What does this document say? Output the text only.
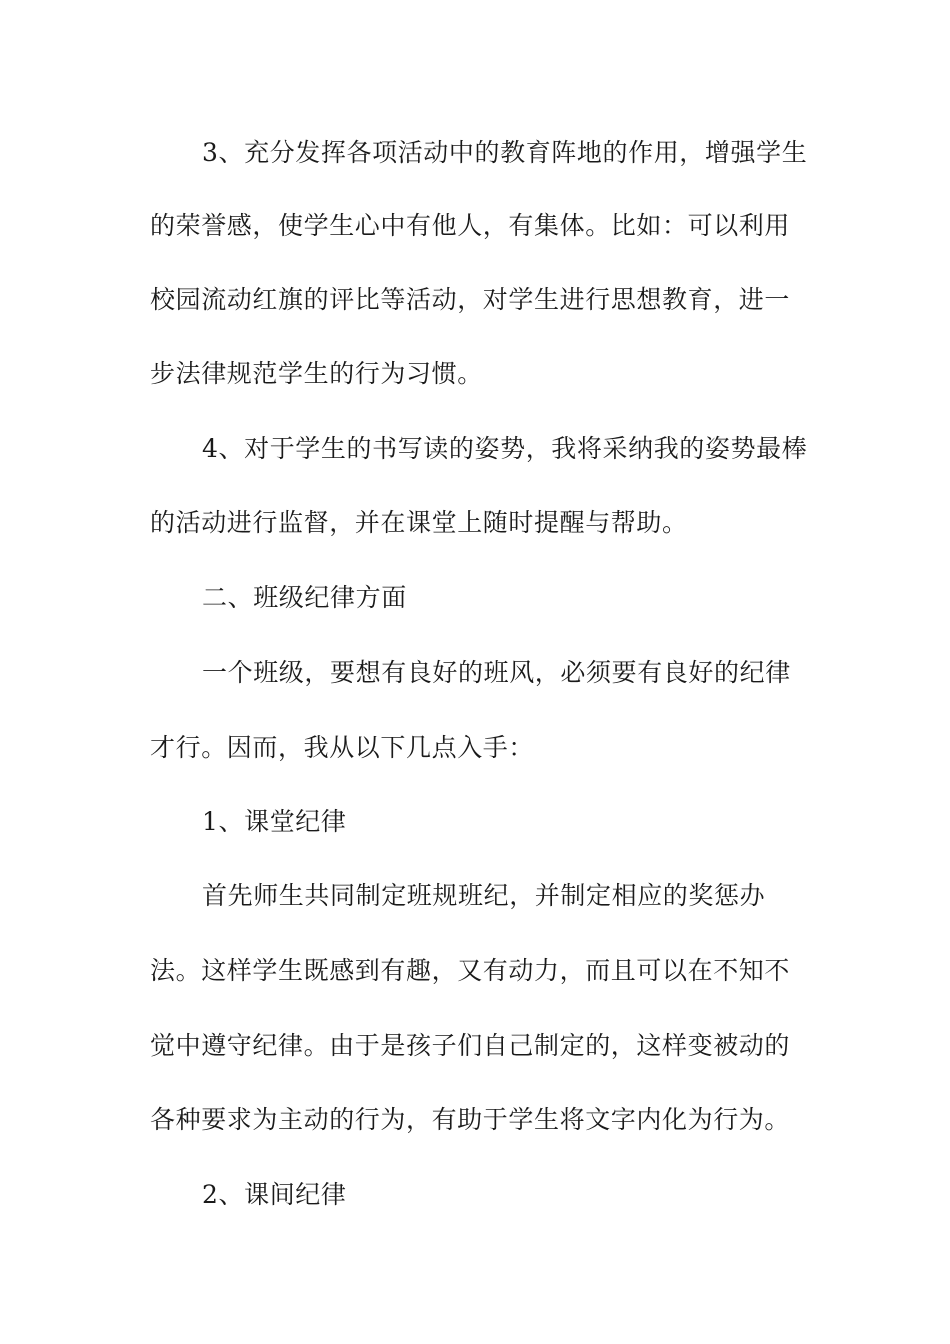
3、充分发挥各项活动中的教育阵地的作用，增强学生
的荣誉感，使学生心中有他人，有集体。比如：可以利用
校园流动红旗的评比等活动，对学生进行思想教育，进一
步法律规范学生的行为习惯。
4、对于学生的书写读的姿势，我将采纳我的姿势最棒
的活动进行监督，并在课堂上随时提醒与帮助。
二、班级纪律方面
一个班级，要想有良好的班风，必须要有良好的纪律
才行。因而，我从以下几点入手：
1、课堂纪律
首先师生共同制定班规班纪，并制定相应的奖惩办
法。这样学生既感到有趣，又有动力，而且可以在不知不
觉中遵守纪律。由于是孩子们自己制定的，这样变被动的
各种要求为主动的行为，有助于学生将文字内化为行为。
2、课间纪律
